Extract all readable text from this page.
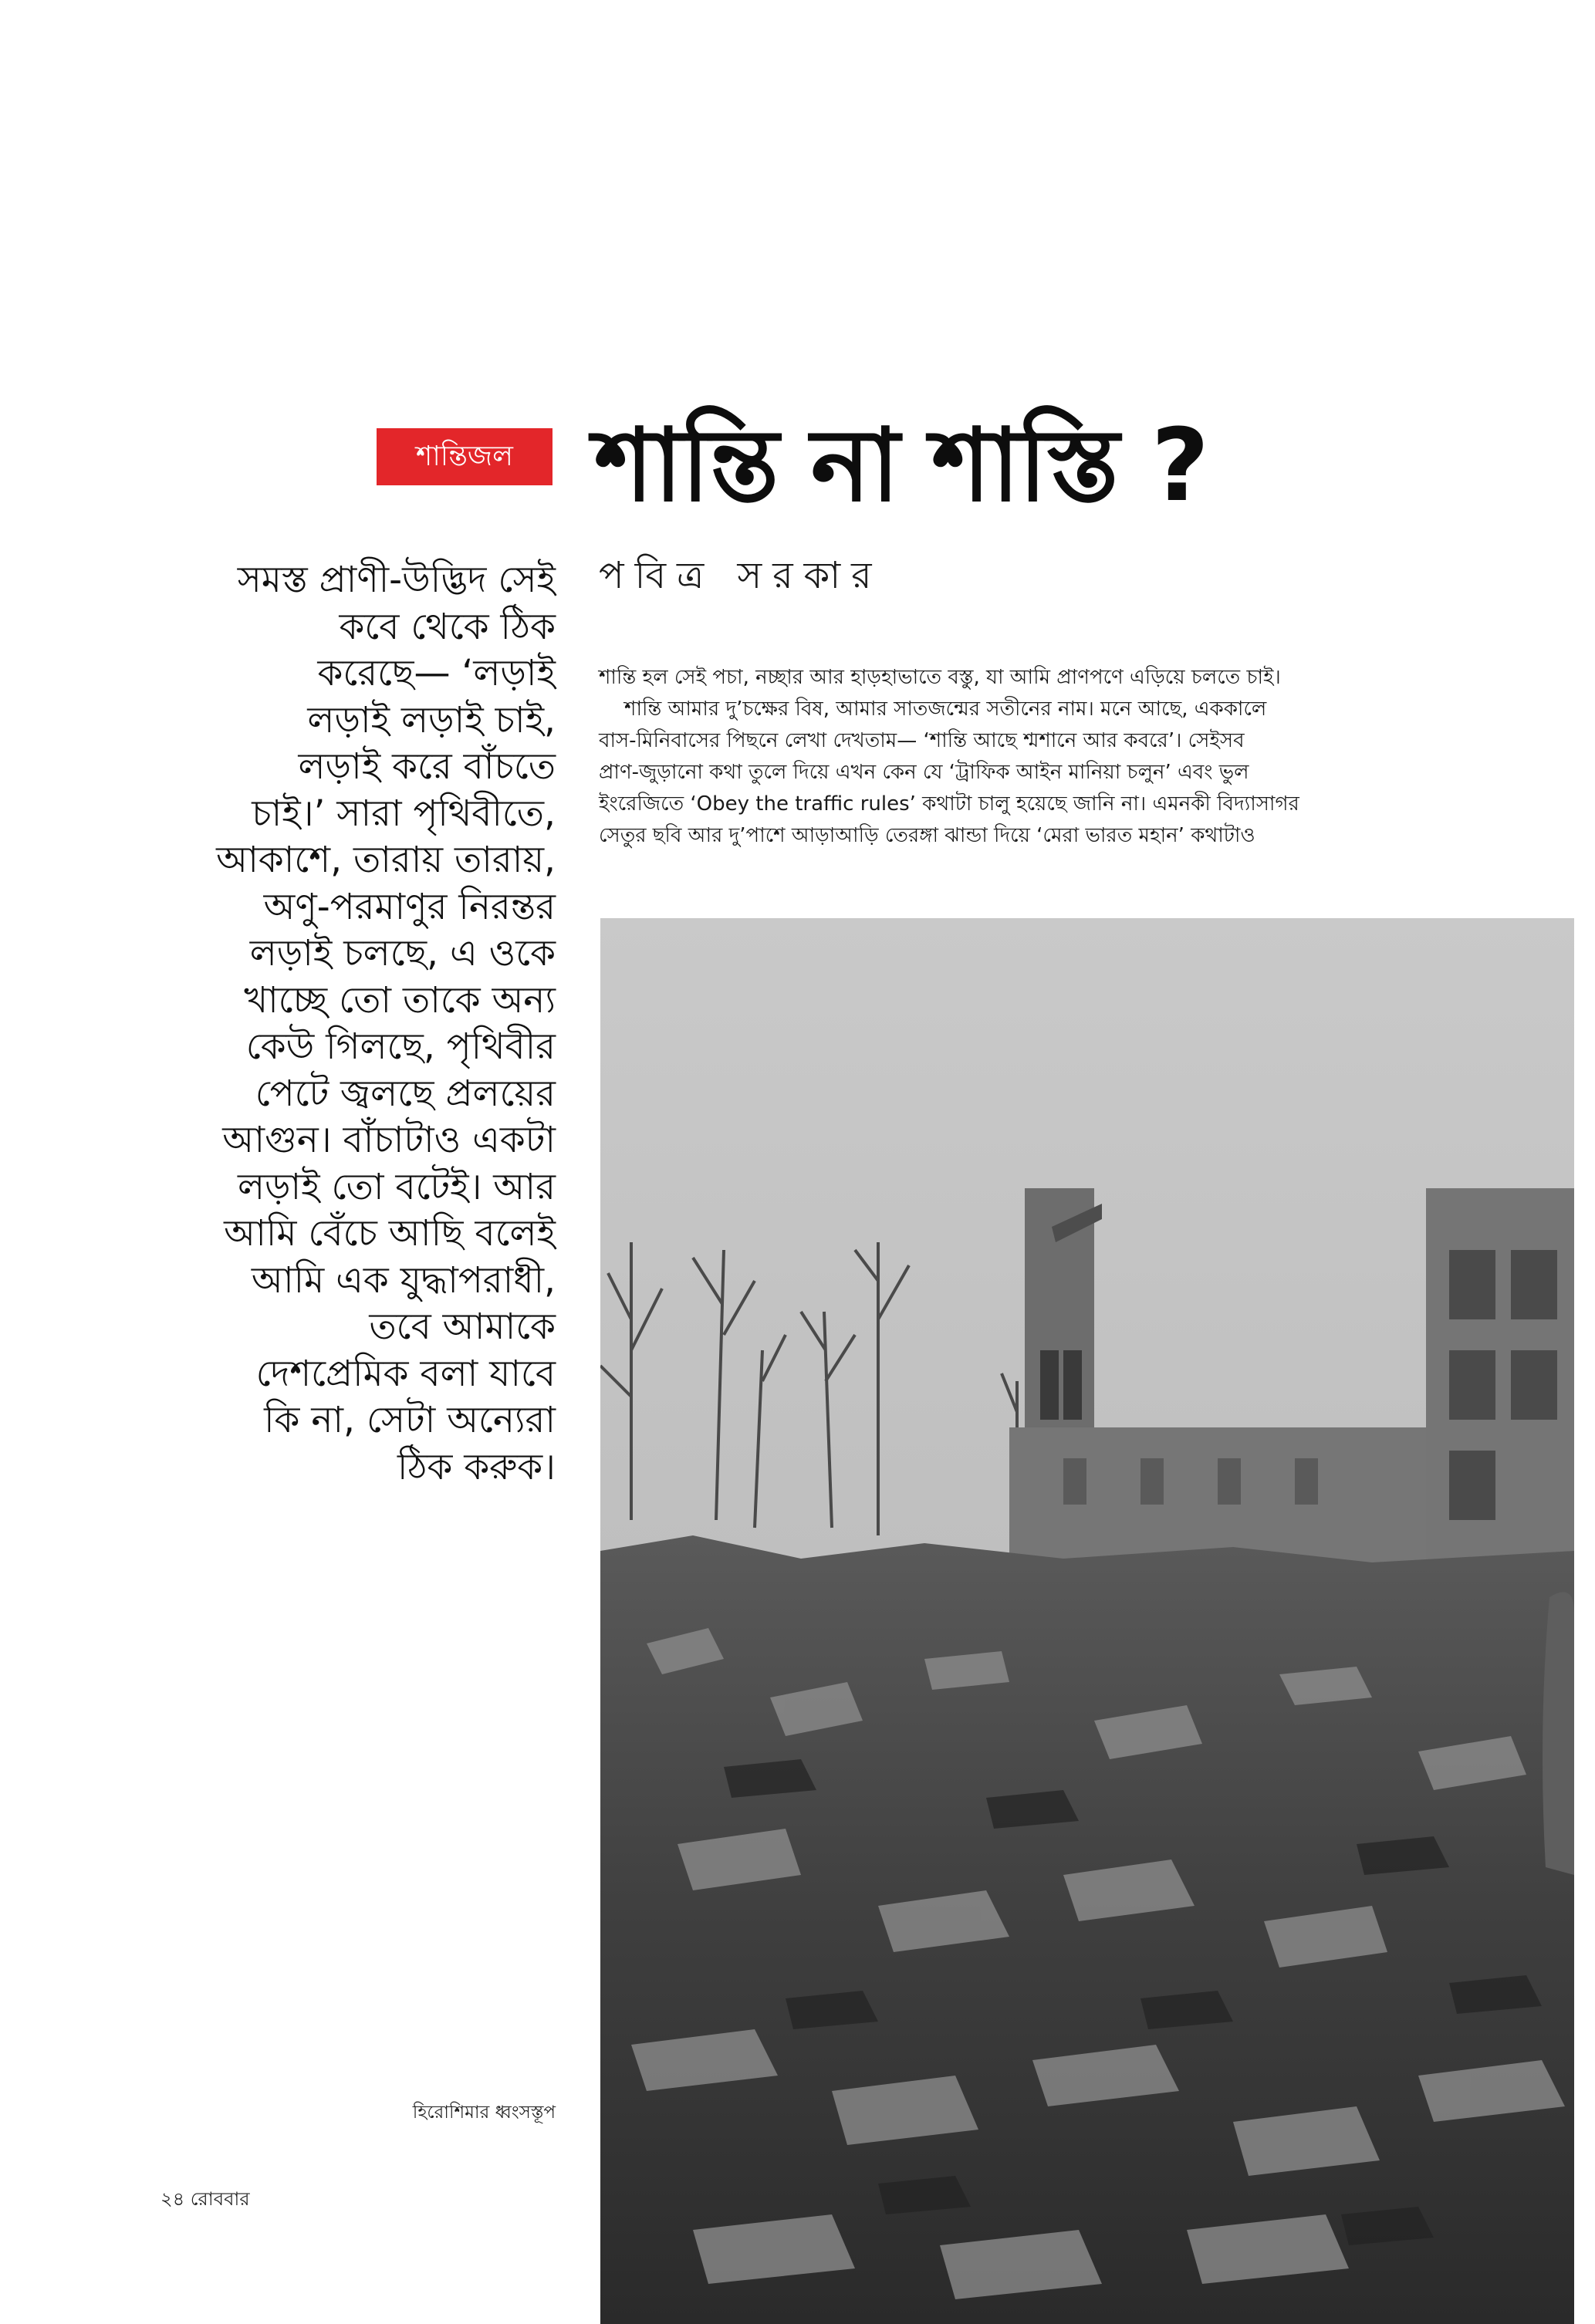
শান্তিজল শান্তি না শাস্তি ?
পবিত্র সরকার
সমস্ত প্রাণী-উদ্ভিদ সেই
কবে থেকে ঠিক
করেছে— ‘লড়াই
লড়াই লড়াই চাই,
লড়াই করে বাঁচতে
চাই।’ সারা পৃথিবীতে,
আকাশে, তারায় তারায়,
অণু-পরমাণুর নিরন্তর
লড়াই চলছে, এ ওকে
খাচ্ছে তো তাকে অন্য
কেউ গিলছে, পৃথিবীর
পেটে জ্বলছে প্রলয়ের
আগুন। বাঁচাটাও একটা
লড়াই তো বটেই। আর
আমি বেঁচে আছি বলেই
আমি এক যুদ্ধাপরাধী,
তবে আমাকে
দেশপ্রেমিক বলা যাবে
কি না, সেটা অন্যেরা
ঠিক করুক।
শান্তি হল সেই পচা, নচ্ছার আর হাড়হাভাতে বস্তু, যা আমি প্রাণপণে এড়িয়ে চলতে চাই।
শান্তি আমার দু’চক্ষের বিষ, আমার সাতজন্মের সতীনের নাম। মনে আছে, এককালে
বাস-মিনিবাসের পিছনে লেখা দেখতাম— ‘শান্তি আছে শ্মশানে আর কবরে’। সেইসব
প্রাণ-জুড়ানো কথা তুলে দিয়ে এখন কেন যে ‘ট্রাফিক আইন মানিয়া চলুন’ এবং ভুল
ইংরেজিতে ‘Obey the traffic rules’ কথাটা চালু হয়েছে জানি না। এমনকী বিদ্যাসাগর
সেতুর ছবি আর দু’পাশে আড়াআড়ি তেরঙ্গা ঝান্ডা দিয়ে ‘মেরা ভারত মহান’ কথাটাও
হিরোশিমার ধ্বংসস্তূপ
২৪ রোববার
